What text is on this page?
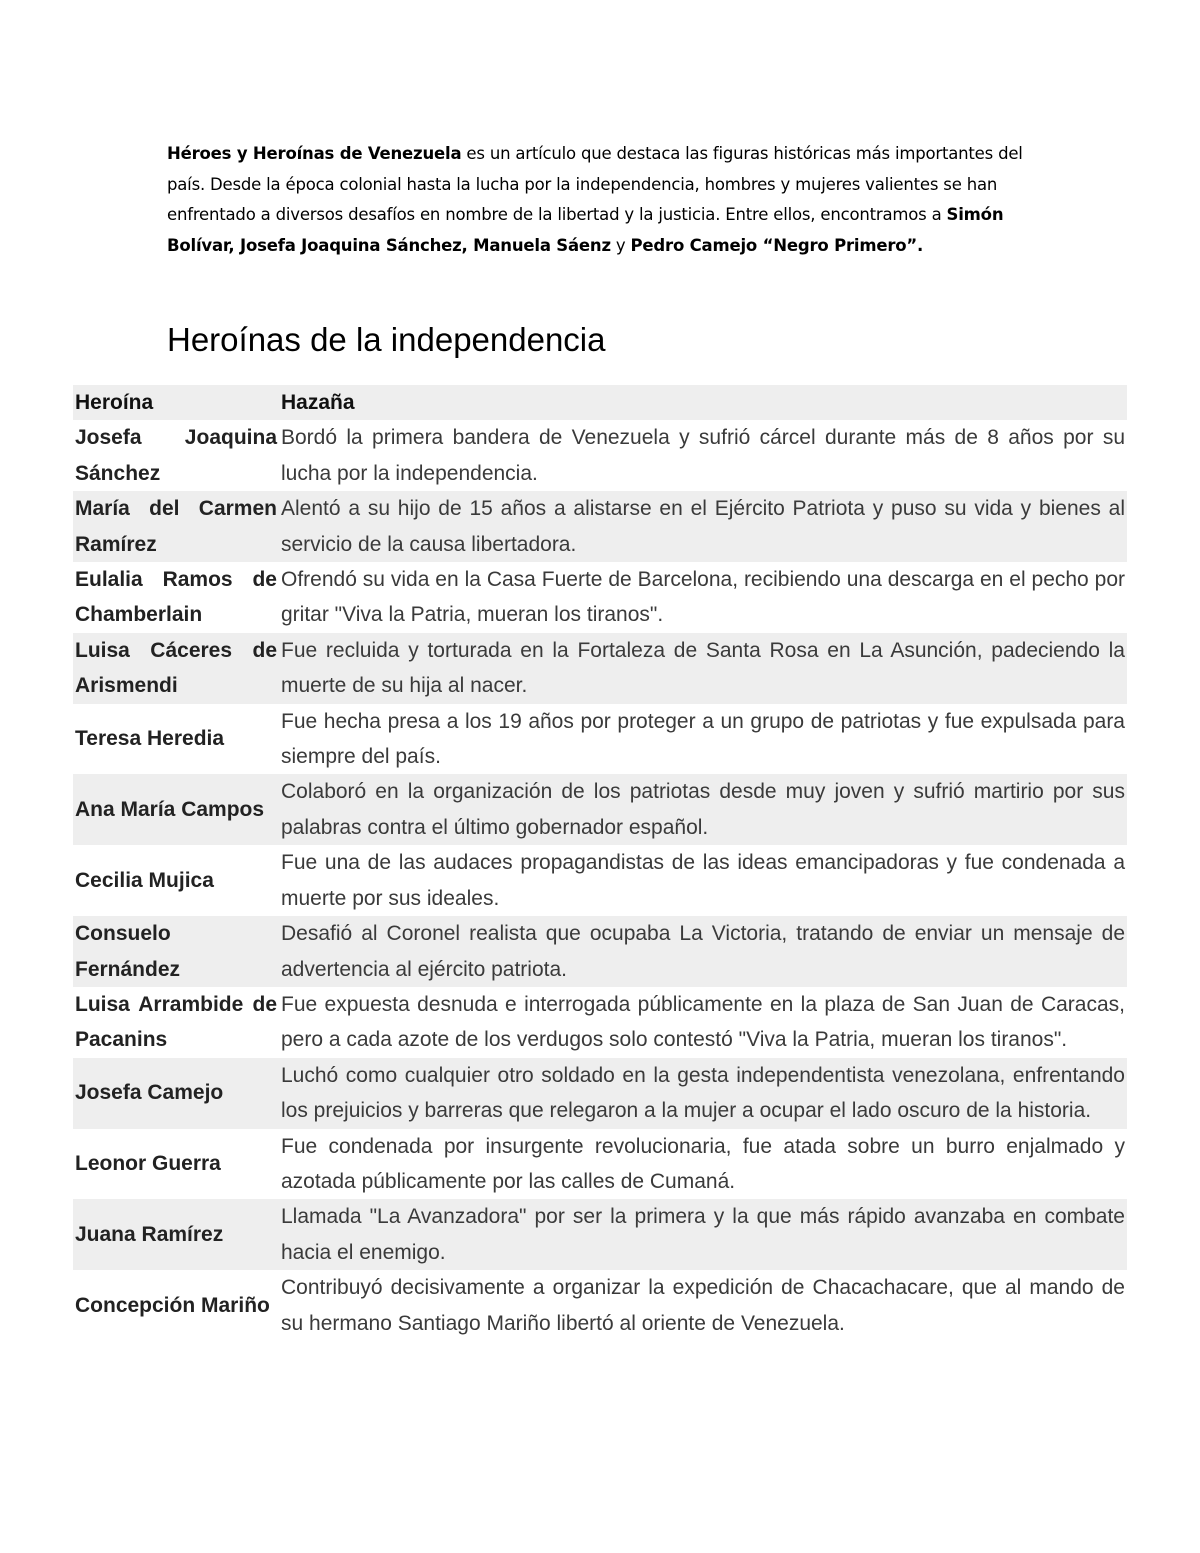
Héroes y Heroínas de Venezuela es un artículo que destaca las figuras históricas más importantes del país. Desde la época colonial hasta la lucha por la independencia, hombres y mujeres valientes se han enfrentado a diversos desafíos en nombre de la libertad y la justicia. Entre ellos, encontramos a Simón Bolívar, Josefa Joaquina Sánchez, Manuela Sáenz y Pedro Camejo “Negro Primero”.
Heroínas de la independencia
Heroína	Hazaña
Josefa Joaquina Sánchez	Bordó la primera bandera de Venezuela y sufrió cárcel durante más de 8 años por su lucha por la independencia.
María del Carmen Ramírez	Alentó a su hijo de 15 años a alistarse en el Ejército Patriota y puso su vida y bienes al servicio de la causa libertadora.
Eulalia Ramos de Chamberlain	Ofrendó su vida en la Casa Fuerte de Barcelona, recibiendo una descarga en el pecho por gritar "Viva la Patria, mueran los tiranos".
Luisa Cáceres de Arismendi	Fue recluida y torturada en la Fortaleza de Santa Rosa en La Asunción, padeciendo la muerte de su hija al nacer.
Teresa Heredia	Fue hecha presa a los 19 años por proteger a un grupo de patriotas y fue expulsada para siempre del país.
Ana María Campos	Colaboró en la organización de los patriotas desde muy joven y sufrió martirio por sus palabras contra el último gobernador español.
Cecilia Mujica	Fue una de las audaces propagandistas de las ideas emancipadoras y fue condenada a muerte por sus ideales.
Consuelo Fernández	Desafió al Coronel realista que ocupaba La Victoria, tratando de enviar un mensaje de advertencia al ejército patriota.
Luisa Arrambide de Pacanins	Fue expuesta desnuda e interrogada públicamente en la plaza de San Juan de Caracas, pero a cada azote de los verdugos solo contestó "Viva la Patria, mueran los tiranos".
Josefa Camejo	Luchó como cualquier otro soldado en la gesta independentista venezolana, enfrentando los prejuicios y barreras que relegaron a la mujer a ocupar el lado oscuro de la historia.
Leonor Guerra	Fue condenada por insurgente revolucionaria, fue atada sobre un burro enjalmado y azotada públicamente por las calles de Cumaná.
Juana Ramírez	Llamada "La Avanzadora" por ser la primera y la que más rápido avanzaba en combate hacia el enemigo.
Concepción Mariño	Contribuyó decisivamente a organizar la expedición de Chacachacare, que al mando de su hermano Santiago Mariño libertó al oriente de Venezuela.
